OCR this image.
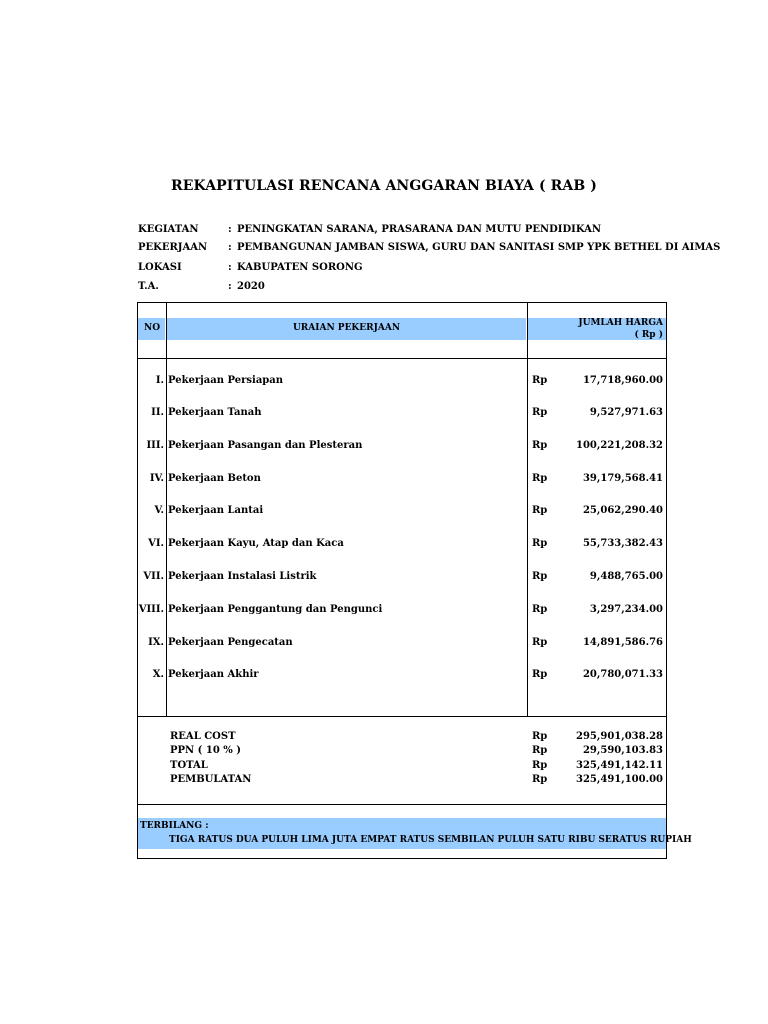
REKAPITULASI RENCANA ANGGARAN BIAYA ( RAB )
KEGIATAN	: PENINGKATAN SARANA, PRASARANA DAN MUTU PENDIDIKAN
PEKERJAAN	: PEMBANGUNAN JAMBAN SISWA, GURU DAN SANITASI SMP YPK BETHEL DI AIMAS
LOKASI	: KABUPATEN SORONG
T.A.	: 2020
NO	URAIAN PEKERJAAN	JUMLAH HARGA
( Rp )
I. Pekerjaan Persiapan	Rp	17,718,960.00
II. Pekerjaan Tanah	Rp	9,527,971.63
III. Pekerjaan Pasangan dan Plesteran	Rp	100,221,208.32
IV. Pekerjaan Beton	Rp	39,179,568.41
V. Pekerjaan Lantai	Rp	25,062,290.40
VI. Pekerjaan Kayu, Atap dan Kaca	Rp	55,733,382.43
VII. Pekerjaan Instalasi Listrik	Rp	9,488,765.00
VIII. Pekerjaan Penggantung dan Pengunci	Rp	3,297,234.00
IX. Pekerjaan Pengecatan	Rp	14,891,586.76
X. Pekerjaan Akhir	Rp	20,780,071.33
REAL COST	Rp	295,901,038.28
PPN ( 10 % )	Rp	29,590,103.83
TOTAL	Rp	325,491,142.11
PEMBULATAN	Rp	325,491,100.00
TERBILANG :
TIGA RATUS DUA PULUH LIMA JUTA EMPAT RATUS SEMBILAN PULUH SATU RIBU SERATUS RUPIAH
